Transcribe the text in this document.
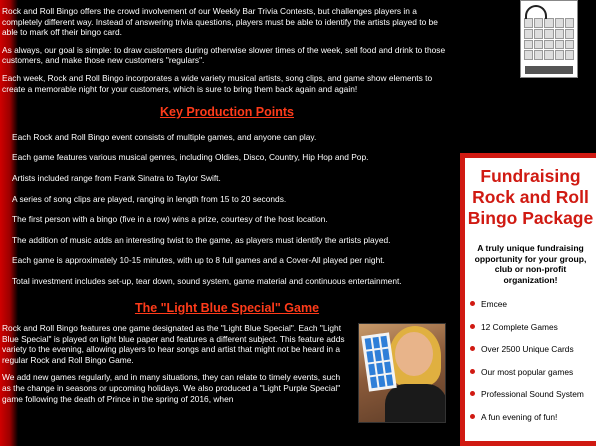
Rock and Roll Bingo offers the crowd involvement of our Weekly Bar Trivia Contests, but challenges players in a completely different way. Instead of answering trivia questions, players must be able to identify the artists played to be able to mark off their bingo card.

As always, our goal is simple: to draw customers during otherwise slower times of the week, sell food and drink to those customers, and make those new customers "regulars".

Each week, Rock and Roll Bingo incorporates a wide variety musical artists, song clips, and game show elements to create a memorable night for your customers, which is sure to bring them back again and again!

Key Production Points
Each Rock and Roll Bingo event consists of multiple games, and anyone can play.
Each game features various musical genres, including Oldies, Disco, Country, Hip Hop and Pop.
Artists included range from Frank Sinatra to Taylor Swift.
A series of song clips are played, ranging in length from 15 to 20 seconds.
The first person with a bingo (five in a row) wins a prize, courtesy of the host location.
The addition of music adds an interesting twist to the game, as players must identify the artists played.
Each game is approximately 10-15 minutes, with up to 8 full games and a Cover-All played per night.
Total investment includes set-up, tear down, sound system, game material and continuous entertainment.
The "Light Blue Special" Game

Rock and Roll Bingo features one game designated as the "Light Blue Special". Each "Light Blue Special" is played on light blue paper and features a different subject. This feature adds variety to the evening, allowing players to hear songs and artist that might not be heard in a regular Rock and Roll Bingo Game.

We add new games regularly, and in many situations, they can relate to timely events, such as the change in seasons or upcoming holidays. We also produced a "Light Purple Special" game following the death of Prince in the spring of 2016, when

Fundraising Rock and Roll Bingo Package
A truly unique fundraising opportunity for your group, club or non-profit organization!
Emcee
12 Complete Games
Over 2500 Unique Cards
Our most popular games
Professional Sound System
A fun evening of fun!
